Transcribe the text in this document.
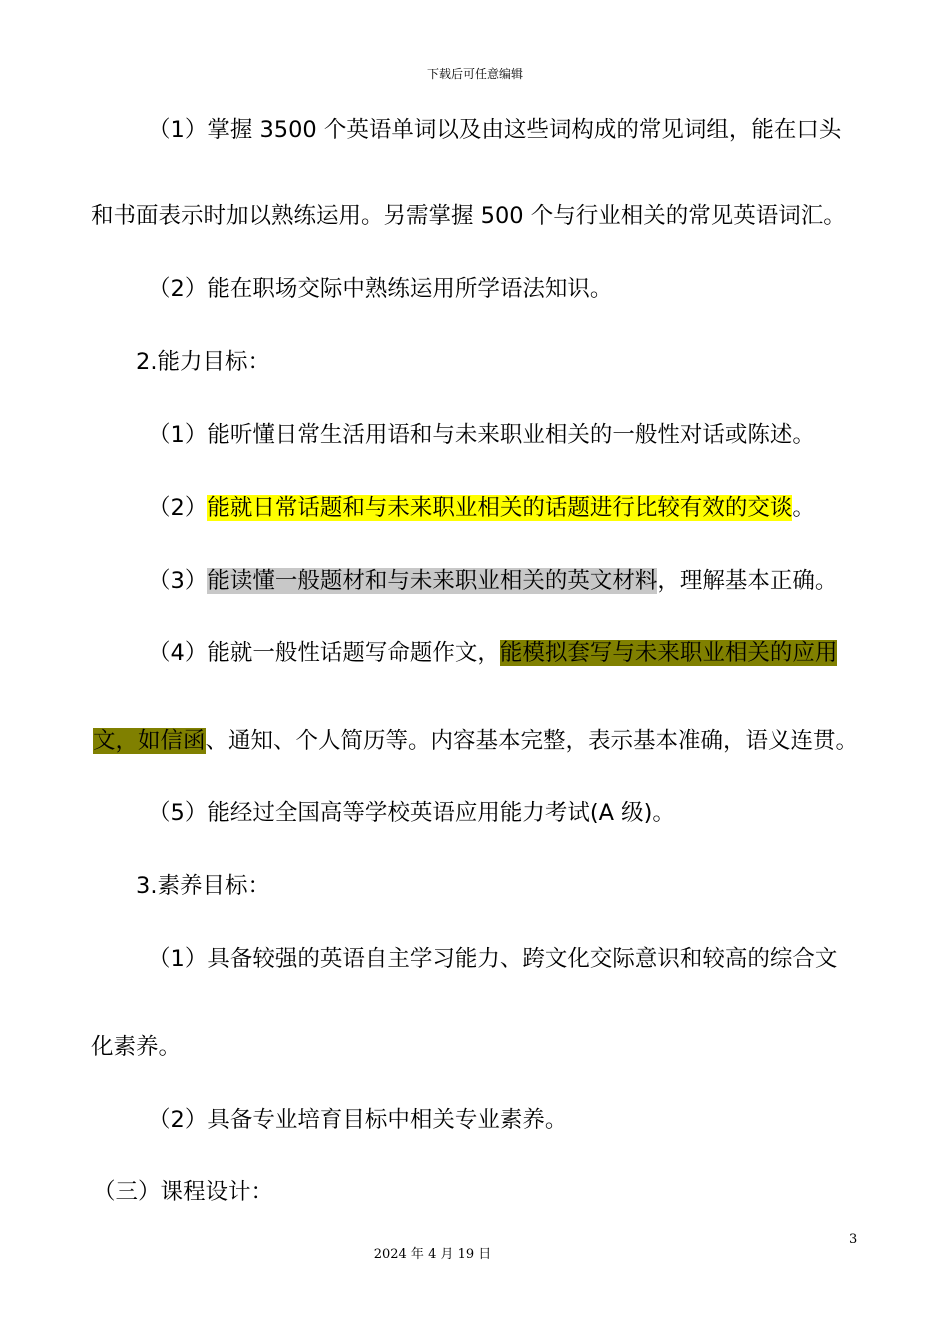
下载后可任意编辑
（1）掌握 3500 个英语单词以及由这些词构成的常见词组，能在口头
和书面表示时加以熟练运用。另需掌握 500 个与行业相关的常见英语词汇。
（2）能在职场交际中熟练运用所学语法知识。
2.能力目标：
（1）能听懂日常生活用语和与未来职业相关的一般性对话或陈述。
（2）能就日常话题和与未来职业相关的话题进行比较有效的交谈。
（3）能读懂一般题材和与未来职业相关的英文材料，理解基本正确。
（4）能就一般性话题写命题作文，能模拟套写与未来职业相关的应用
文，如信函、通知、个人简历等。内容基本完整，表示基本准确，语义连贯。
（5）能经过全国高等学校英语应用能力考试(A 级)。
3.素养目标：
（1）具备较强的英语自主学习能力、跨文化交际意识和较高的综合文
化素养。
（2）具备专业培育目标中相关专业素养。
（三）课程设计：
3
2024 年 4 月 19 日
